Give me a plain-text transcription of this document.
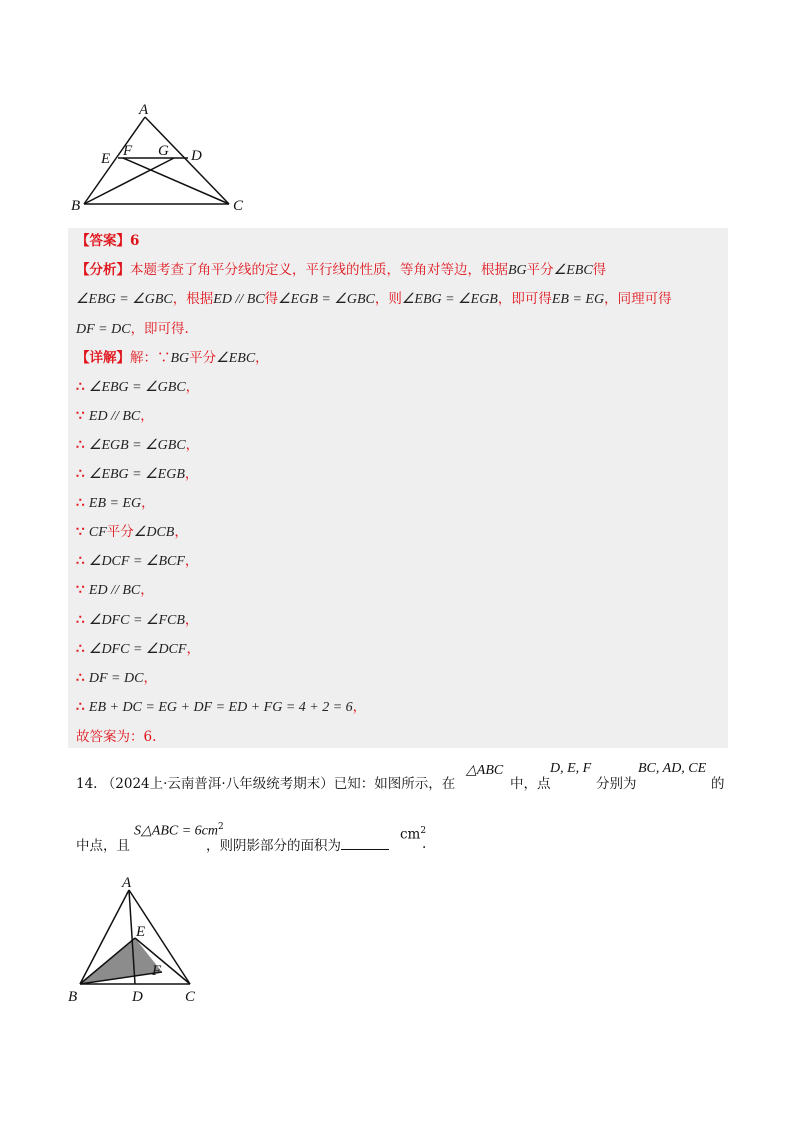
A
E F G D
B	C
【答案】6
【分析】本题考查了角平分线的定义，平行线的性质，等角对等边，根据BG平分∠EBC得
∠EBG = ∠GBC，根据ED // BC得∠EGB = ∠GBC，则∠EBG = ∠EGB，即可得EB = EG，同理可得
DF = DC，即可得.
【详解】解：∵BG平分∠EBC，
∴ ∠EBG = ∠GBC，
∵ ED // BC，
∴ ∠EGB = ∠GBC，
∴ ∠EBG = ∠EGB，
∴ EB = EG，
∵ CF平分∠DCB，
∴ ∠DCF = ∠BCF，
∵ ED // BC，
∴ ∠DFC = ∠FCB，
∴ ∠DFC = ∠DCF，
∴ DF = DC，
∴ EB + DC = EG + DF = ED + FG = 4 + 2 = 6，
故答案为：6.
14. （2024上·云南普洱·八年级统考期末）已知：如图所示，在
△ABC
中，点
D, E, F
分别为
BC, AD, CE
的
中点，且
S△ABC = $6cm^2$
，则阴影部分的面积为
$cm^2$
.
A
E
F
B	D	C
